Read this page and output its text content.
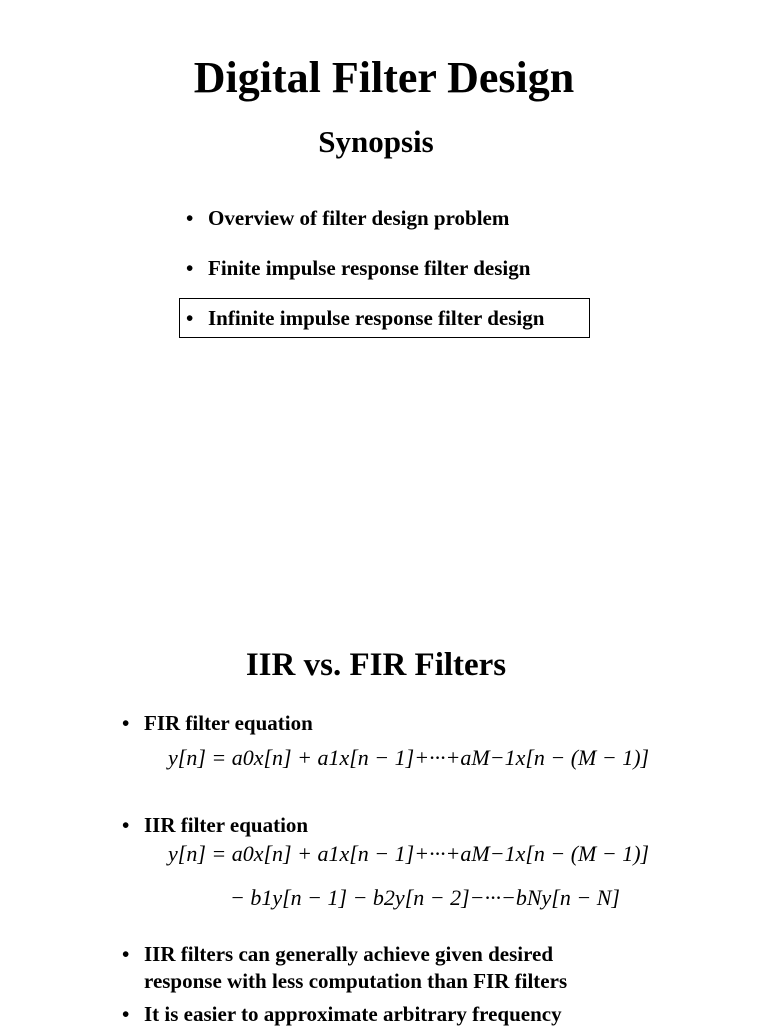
Digital Filter Design
Synopsis
• Overview of filter design problem
• Finite impulse response filter design
• Infinite impulse response filter design
IIR vs. FIR Filters
• FIR filter equation
y[n] = a0x[n] + a1x[n − 1]+···+aM−1x[n − (M − 1)]
• IIR filter equation
y[n] = a0x[n] + a1x[n − 1]+···+aM−1x[n − (M − 1)]
− b1y[n − 1] − b2y[n − 2]−···−bNy[n − N]
• IIR filters can generally achieve given desired
response with less computation than FIR filters
• It is easier to approximate arbitrary frequency
